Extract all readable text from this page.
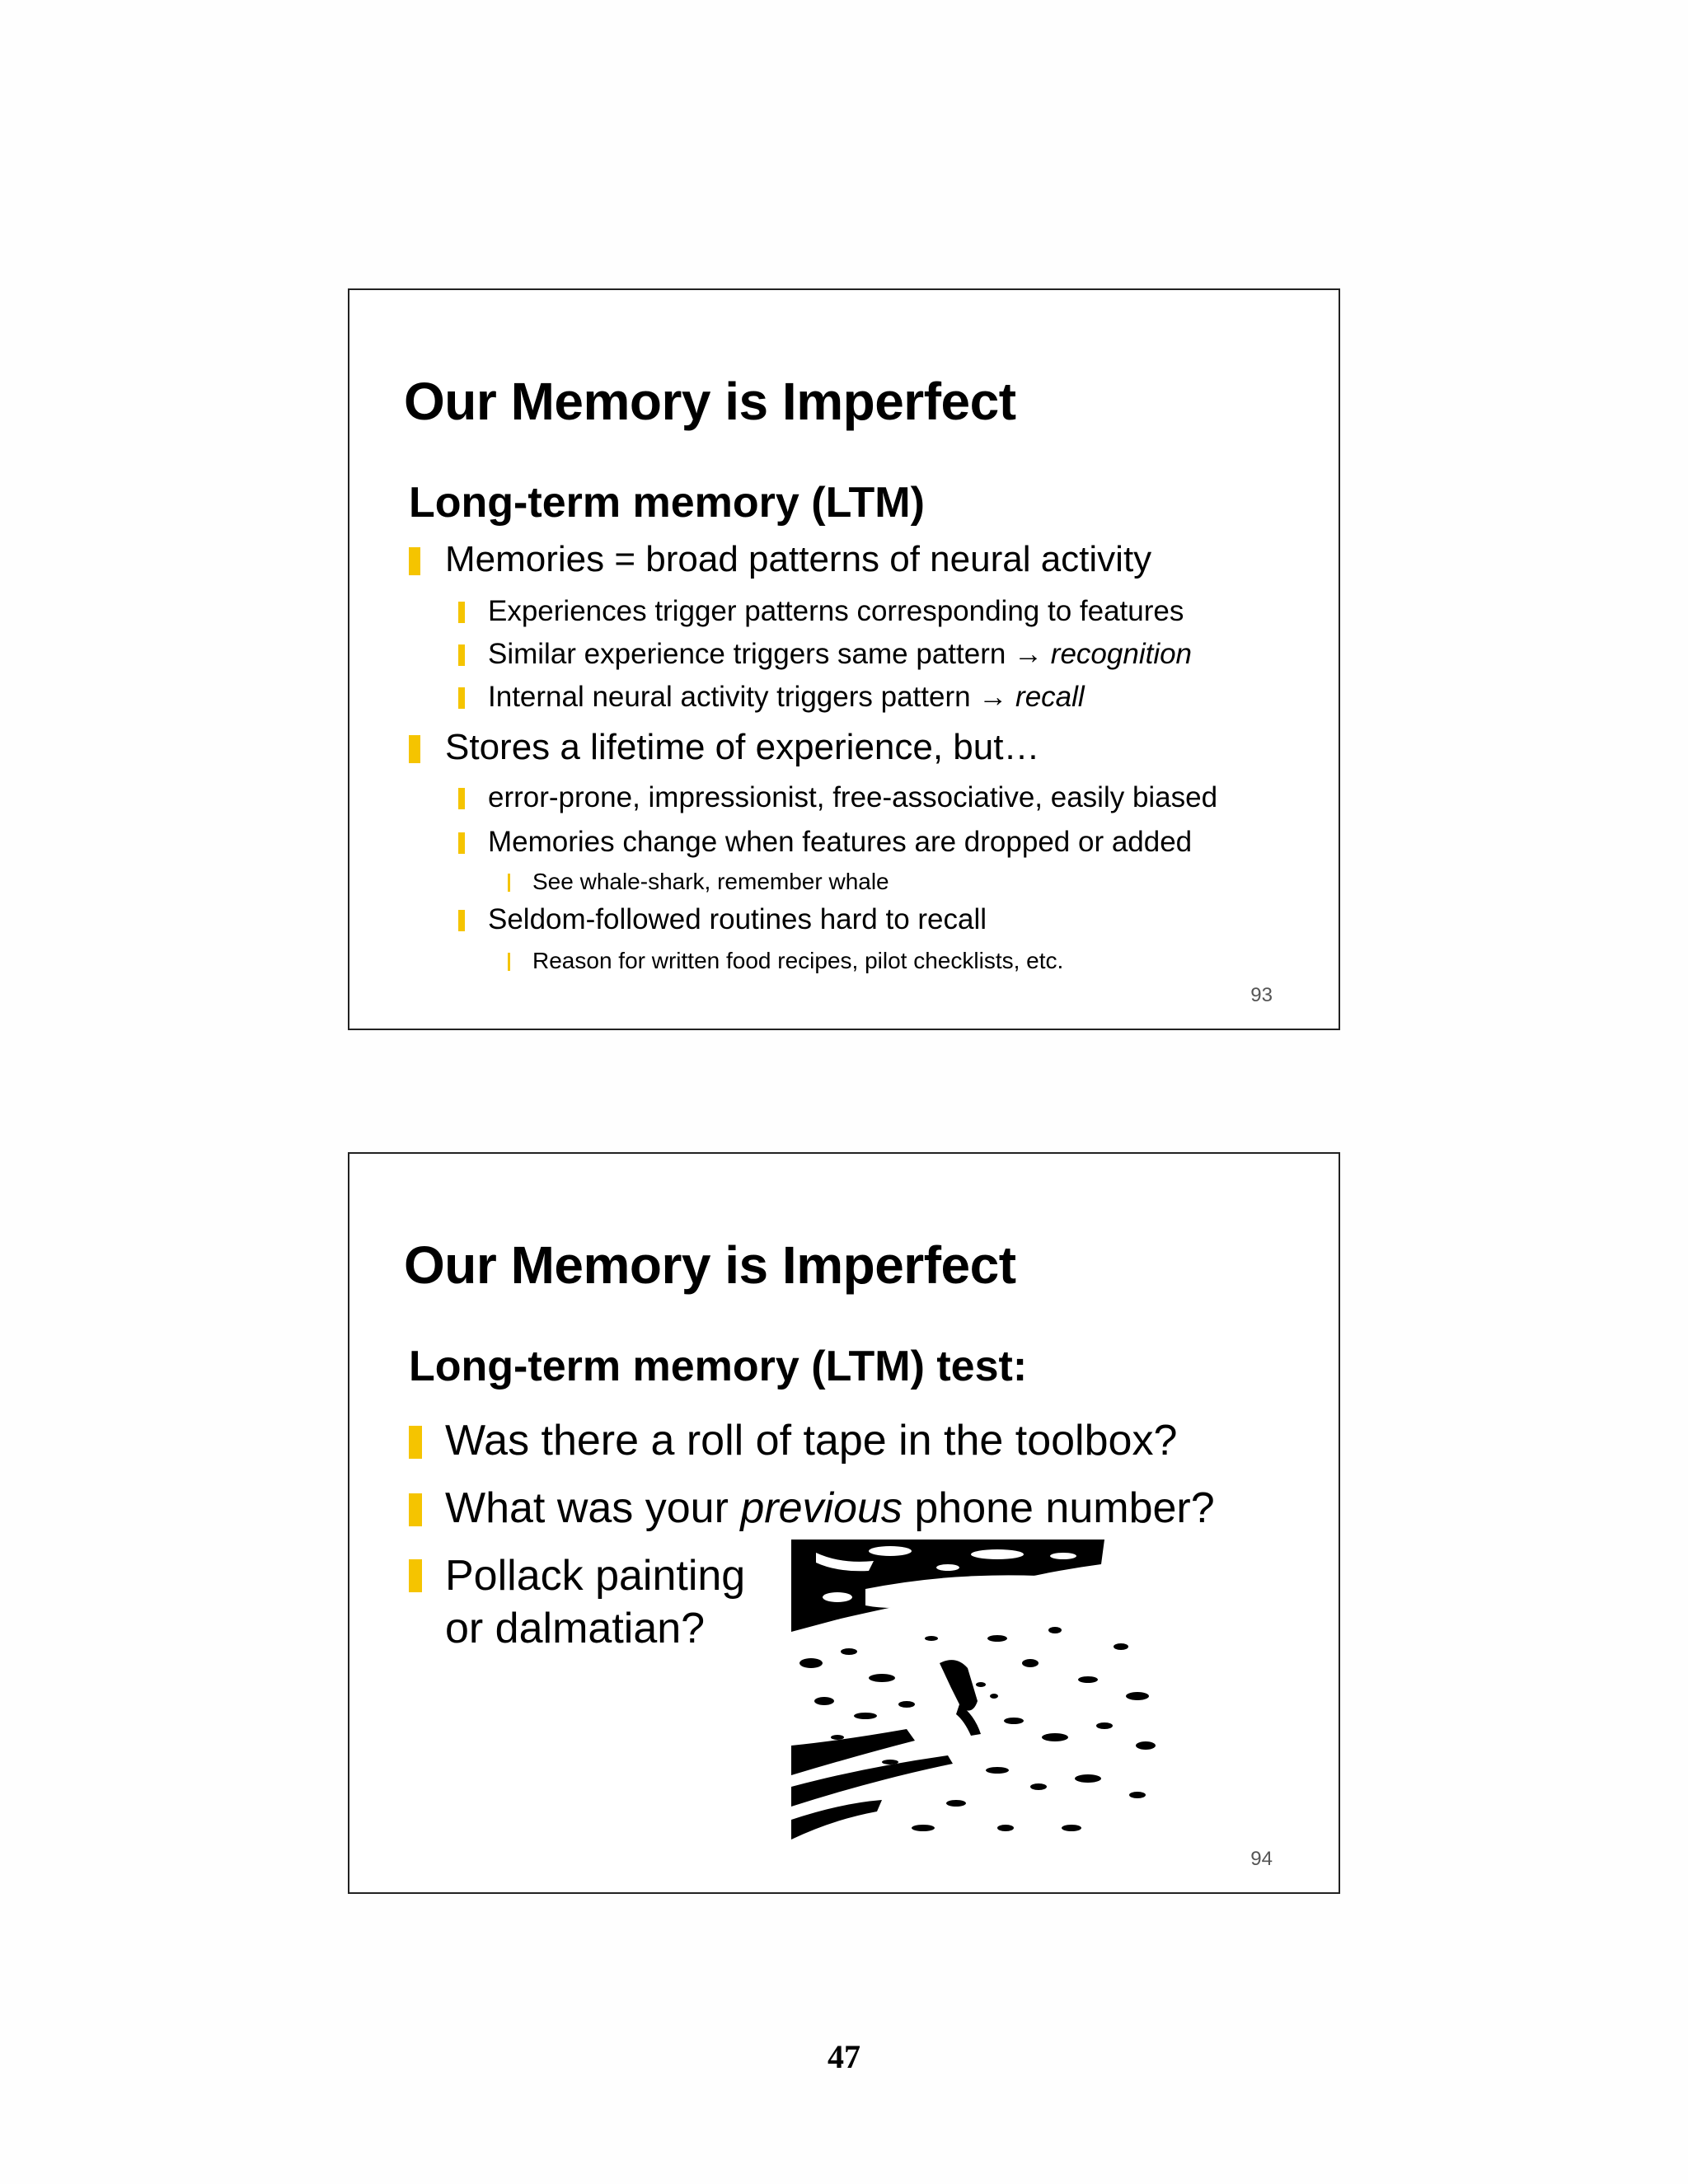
Our Memory is Imperfect
Long-term memory (LTM)
Memories = broad patterns of neural activity
Experiences trigger patterns corresponding to features
Similar experience triggers same pattern → recognition
Internal neural activity triggers pattern → recall
Stores a lifetime of experience, but…
error-prone, impressionist, free-associative, easily biased
Memories change when features are dropped or added
See whale-shark, remember whale
Seldom-followed routines hard to recall
Reason for written food recipes, pilot checklists, etc.
93
Our Memory is Imperfect
Long-term memory (LTM) test:
Was there a roll of tape in the toolbox?
What was your previous phone number?
Pollack painting
or dalmatian?
94
47
